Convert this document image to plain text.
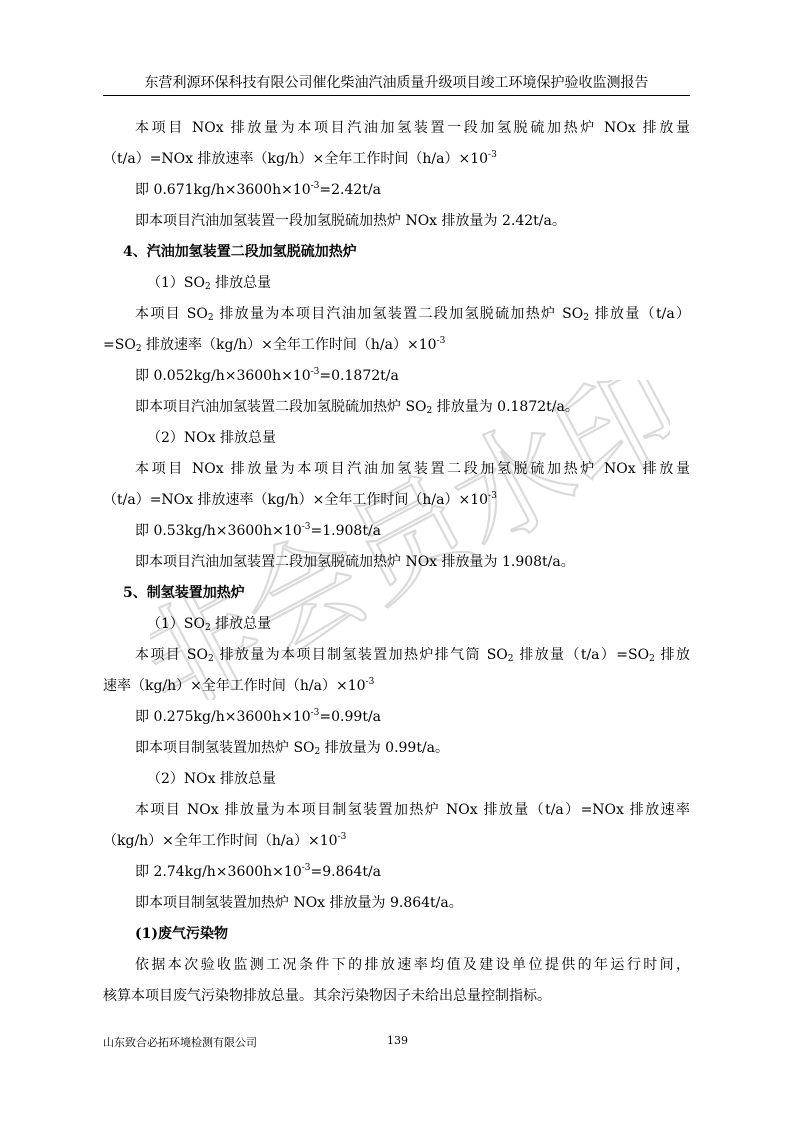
东营利源环保科技有限公司催化柴油汽油质量升级项目竣工环境保护验收监测报告
非会员水印
本项目 NOx 排放量为本项目汽油加氢装置一段加氢脱硫加热炉 NOx 排放量
（t/a）=NOx 排放速率（kg/h）×全年工作时间$(h/a)\times 10^{-3}$
即 $0.671kg/h\times 3600h\times 10^{-3}=2.42t/a$
即本项目汽油加氢装置一段加氢脱硫加热炉 NOx 排放量为 2.42t/a。
4、汽油加氢装置二段加氢脱硫加热炉
$(1)SO_2$ 排放总量
本项目 $SO_2$ 排放量为本项目汽油加氢装置二段加氢脱硫加热炉 $SO_2$ 排放量（t/a）
$=SO_2$ 排放速率（kg/h）×全年工作时间$(h/a)\times 10^{-3}$
即 $0.052kg/h\times 3600h\times 10^{-3}=0.1872t/a$
即本项目汽油加氢装置二段加氢脱硫加热炉 $SO_2$ 排放量为 0.1872t/a。
（2）NOx 排放总量
本项目 NOx 排放量为本项目汽油加氢装置二段加氢脱硫加热炉 NOx 排放量
（t/a）=NOx 排放速率（kg/h）×全年工作时间$(h/a)\times 10^{-3}$
即 $0.53kg/h\times 3600h\times 10^{-3}=1.908t/a$
即本项目汽油加氢装置二段加氢脱硫加热炉 NOx 排放量为 1.908t/a。
5、制氢装置加热炉
$(1)SO_2$ 排放总量
本项目 $SO_2$ 排放量为本项目制氢装置加热炉排气筒 $SO_2$ 排放量$(t/a)=SO_2$ 排放
速率（kg/h）×全年工作时间$(h/a)\times 10^{-3}$
即 $0.275kg/h\times 3600h\times 10^{-3}=0.99t/a$
即本项目制氢装置加热炉 $SO_2$ 排放量为 0.99t/a。
（2）NOx 排放总量
本项目 NOx 排放量为本项目制氢装置加热炉 NOx 排放量（t/a）=NOx 排放速率
（kg/h）×全年工作时间$(h/a)\times 10^{-3}$
即 $2.74kg/h\times 3600h\times 10^{-3}=9.864t/a$
即本项目制氢装置加热炉 NOx 排放量为 9.864t/a。
(1)废气污染物
依据本次验收监测工况条件下的排放速率均值及建设单位提供的年运行时间，
核算本项目废气污染物排放总量。其余污染物因子未给出总量控制指标。
山东致合必拓环境检测有限公司	139
